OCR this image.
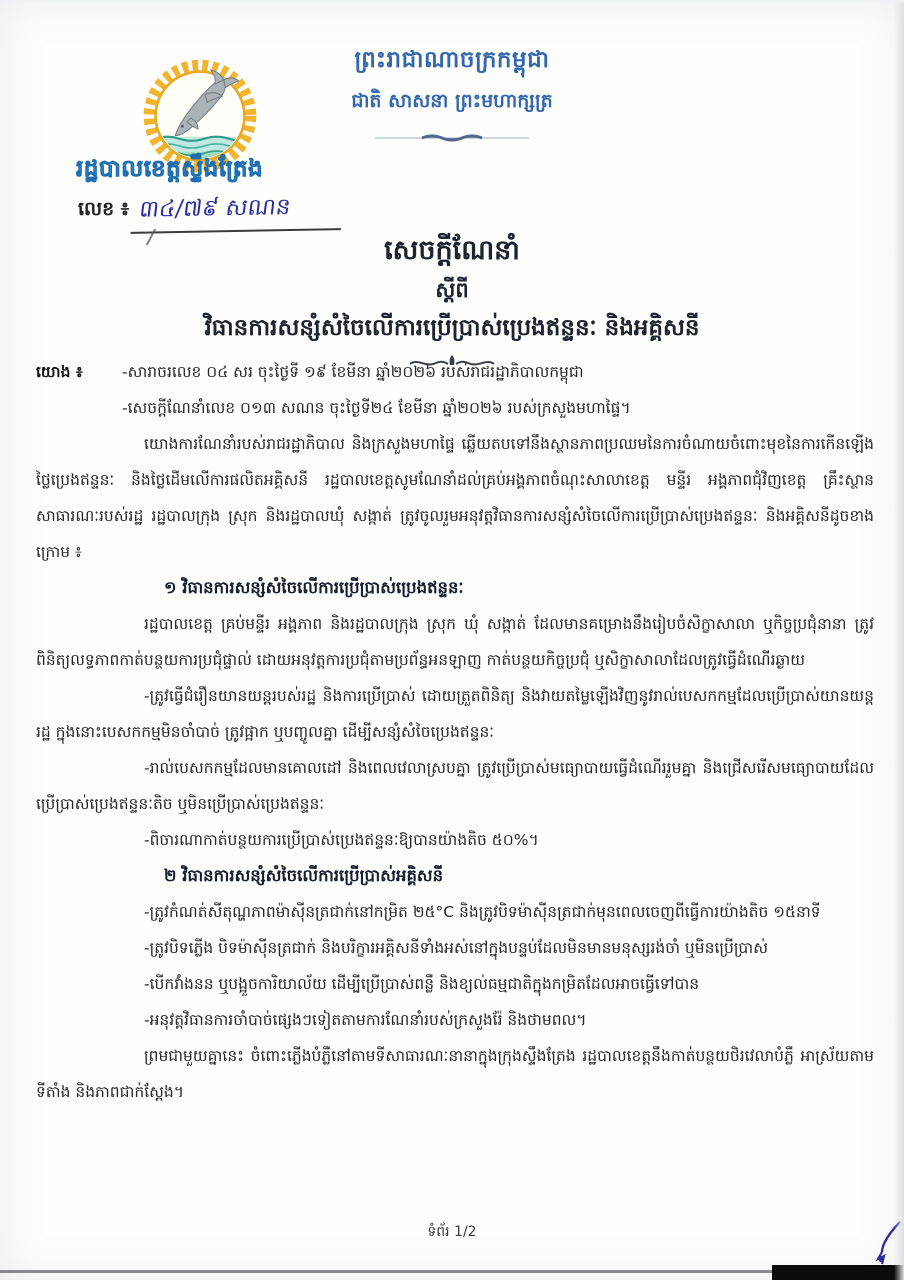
ព្រះរាជាណាចក្រកម្ពុជា
ជាតិ សាសនា ព្រះមហាក្សត្រ
រដ្ឋបាលខេត្តស្ទឹងត្រែង
លេខ ៖ ៣៤/៧៩ សណន
សេចក្តីណែនាំ
ស្តីពី
វិធានការសន្សំសំចៃលើការប្រើប្រាស់ប្រេងឥន្ទនៈ និងអគ្គិសនី
យោង ៖	-សារាចរលេខ ០៤ សរ ចុះថ្ងៃទី ១៩ ខែមីនា ឆ្នាំ២០២៦ របស់រាជរដ្ឋាភិបាលកម្ពុជា
-សេចក្តីណែនាំលេខ ០១៣ សណន ចុះថ្ងៃទី២៤ ខែមីនា ឆ្នាំ២០២៦ របស់ក្រសួងមហាផ្ទៃ។

យោងការណែនាំរបស់រាជរដ្ឋាភិបាល និងក្រសួងមហាផ្ទៃ ឆ្លើយតបទៅនឹងស្ថានភាពប្រឈមនៃការចំណាយចំពោះមុខនៃការកើនឡើងថ្លៃប្រេងឥន្ទនៈ និងថ្លៃដើមលើការផលិតអគ្គិសនី រដ្ឋបាលខេត្តសូមណែនាំដល់គ្រប់អង្គភាពចំណុះសាលាខេត្ត មន្ទីរ អង្គភាពជុំវិញខេត្ត គ្រឹះស្ថានសាធារណៈរបស់រដ្ឋ រដ្ឋបាលក្រុង ស្រុក និងរដ្ឋបាលឃុំ សង្កាត់ ត្រូវចូលរួមអនុវត្តវិធានការសន្សំសំចៃលើការប្រើប្រាស់ប្រេងឥន្ទនៈ និងអគ្គិសនីដូចខាងក្រោម ៖

១ វិធានការសន្សំសំចៃលើការប្រើប្រាស់ប្រេងឥន្ទនៈ

រដ្ឋបាលខេត្ត គ្រប់មន្ទីរ អង្គភាព និងរដ្ឋបាលក្រុង ស្រុក ឃុំ សង្កាត់ ដែលមានគម្រោងនឹងរៀបចំសិក្ខាសាលា ឬកិច្ចប្រជុំនានា ត្រូវពិនិត្យលទ្ធភាពកាត់បន្ថយការប្រជុំផ្ទាល់ ដោយអនុវត្តការប្រជុំតាមប្រព័ន្ធអនឡាញ កាត់បន្ថយកិច្ចប្រជុំ ឬសិក្ខាសាលាដែលត្រូវធ្វើដំណើរឆ្ងាយ

-ត្រូវធ្វើជំរឿនយានយន្តរបស់រដ្ឋ និងការប្រើប្រាស់ ដោយត្រួតពិនិត្យ និងវាយតម្លៃឡើងវិញនូវរាល់បេសកកម្មដែលប្រើប្រាស់យានយន្តរដ្ឋ ក្នុងនោះបេសកកម្មមិនចាំបាច់ ត្រូវផ្អាក ឬបញ្ចូលគ្នា ដើម្បីសន្សំសំចៃប្រេងឥន្ទនៈ

-រាល់បេសកកម្មដែលមានគោលដៅ និងពេលវេលាស្របគ្នា ត្រូវប្រើប្រាស់មធ្យោបាយធ្វើដំណើររួមគ្នា និងជ្រើសរើសមធ្យោបាយដែលប្រើប្រាស់ប្រេងឥន្ទនៈតិច ឬមិនប្រើប្រាស់ប្រេងឥន្ទនៈ

-ពិចារណាកាត់បន្ថយការប្រើប្រាស់ប្រេងឥន្ទនៈឱ្យបានយ៉ាងតិច ៥០%។

២ វិធានការសន្សំសំចៃលើការប្រើប្រាស់អគ្គិសនី

-ត្រូវកំណត់សីតុណ្ហភាពម៉ាស៊ីនត្រជាក់នៅកម្រិត ២៥°C និងត្រូវបិទម៉ាស៊ីនត្រជាក់មុនពេលចេញពីធ្វើការយ៉ាងតិច ១៥នាទី

-ត្រូវបិទភ្លើង បិទម៉ាស៊ីនត្រជាក់ និងបរិក្ខារអគ្គិសនីទាំងអស់នៅក្នុងបន្ទប់ដែលមិនមានមនុស្សរង់ចាំ ឬមិនប្រើប្រាស់

-បើកវាំងនន ឬបង្អួចការិយាល័យ ដើម្បីប្រើប្រាស់ពន្លឺ និងខ្យល់ធម្មជាតិក្នុងកម្រិតដែលអាចធ្វើទៅបាន

-អនុវត្តវិធានការចាំបាច់ផ្សេងៗទៀតតាមការណែនាំរបស់ក្រសួងរ៉ែ និងថាមពល។

ព្រមជាមួយគ្នានេះ ចំពោះភ្លើងបំភ្លឺនៅតាមទីសាធារណៈនានាក្នុងក្រុងស្ទឹងត្រែង រដ្ឋបាលខេត្តនឹងកាត់បន្ថយថិរវេលាបំភ្លឺ អាស្រ័យតាមទីតាំង និងភាពជាក់ស្តែង។

ទំព័រ 1/2
